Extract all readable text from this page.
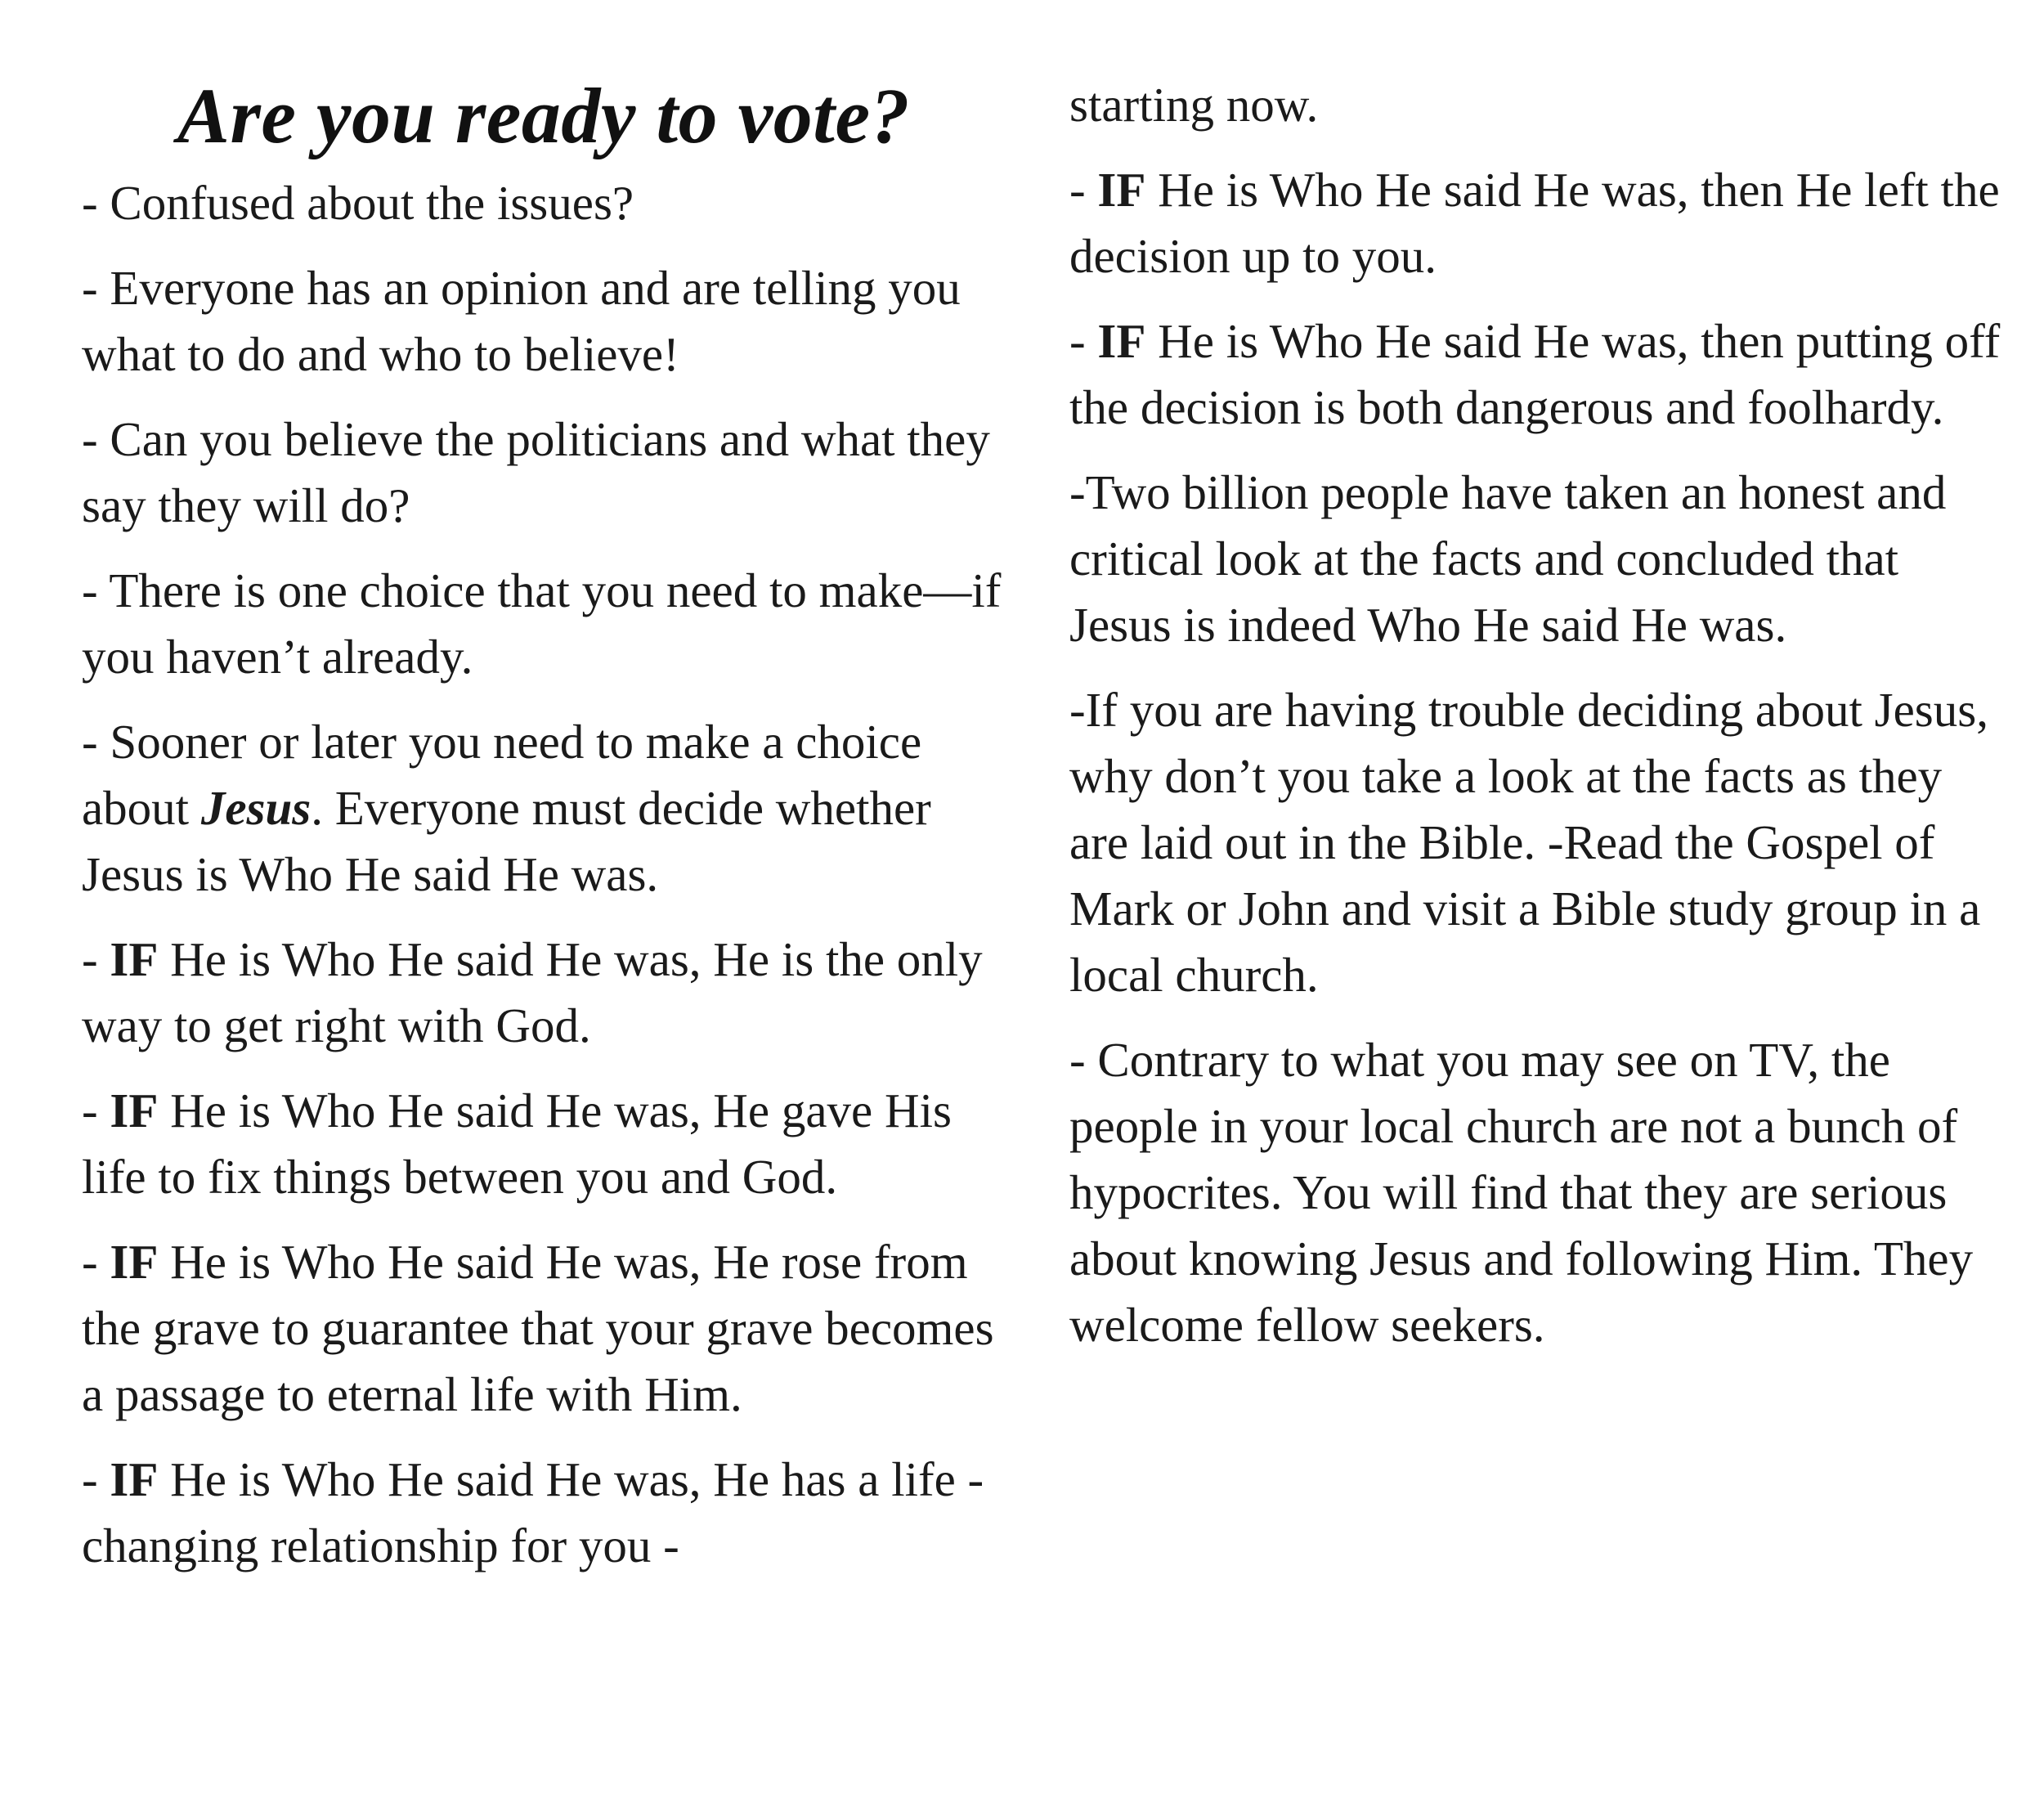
Are you ready to vote?

- Confused about the issues?

- Everyone has an opinion and are telling you what to do and who to believe!

- Can you believe the politicians and what they say they will do?

- There is one choice that you need to make—if you haven’t already.

- Sooner or later you need to make a choice about Jesus. Everyone must decide whether Jesus is Who He said He was.

- IF He is Who He said He was, He is the only way to get right with God.

- IF He is Who He said He was, He gave His life to fix things between you and God.

- IF He is Who He said He was, He rose from the grave to guarantee that your grave becomes a passage to eternal life with Him.

- IF He is Who He said He was, He has a life - changing relationship for you -

starting now.

- IF He is Who He said He was, then He left the decision up to you.

- IF He is Who He said He was, then putting off the decision is both dangerous and foolhardy.

-Two billion people have taken an honest and critical look at the facts and concluded that Jesus is indeed Who He said He was.

-If you are having trouble deciding about Jesus, why don’t you take a look at the facts as they are laid out in the Bible. -Read the Gospel of Mark or John and visit a Bible study group in a local church.

- Contrary to what you may see on TV, the people in your local church are not a bunch of hypocrites. You will find that they are serious about knowing Jesus and following Him. They welcome fellow seekers.
